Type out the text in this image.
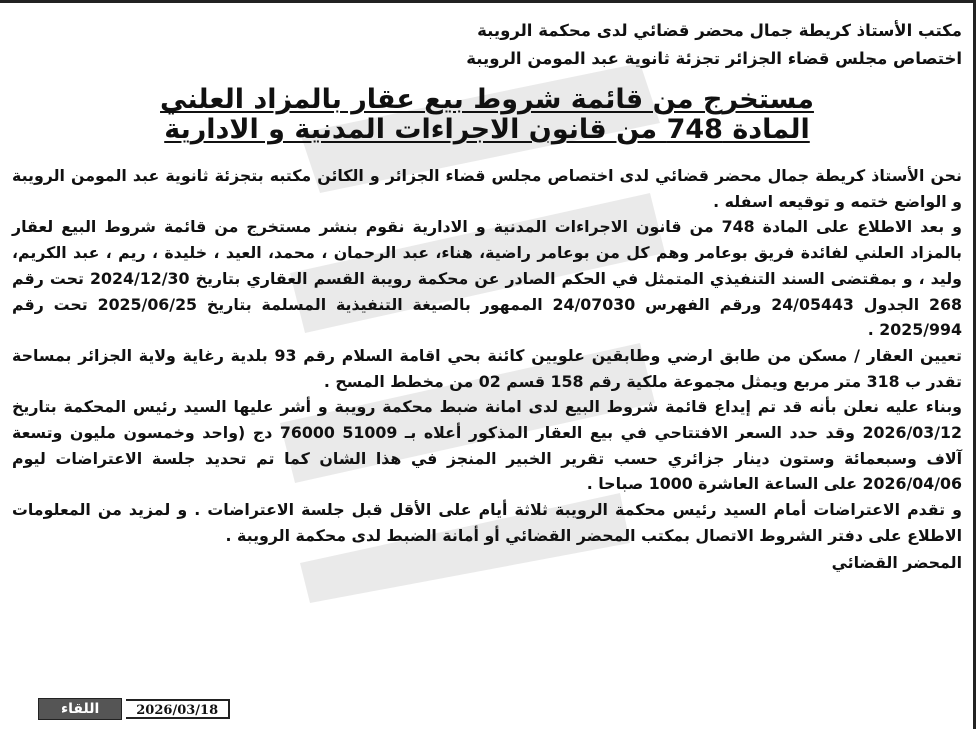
مكتب الأستاذ كريطة جمال محضر قضائي لدى محكمة الرويبة

اختصاص مجلس قضاء الجزائر تجزئة ثانوية عبد المومن الرويبة

مستخرج من قائمة شروط بيع عقار بالمزاد العلني
المادة 748 من قانون الاجراءات المدنية و الادارية

نحن الأستاذ كريطة جمال محضر قضائي لدى اختصاص مجلس قضاء الجزائر و الكائن مكتبه بتجزئة ثانوية عبد المومن الرويبة و الواضع ختمه و توقيعه اسفله .

و بعد الاطلاع على المادة 748 من قانون الاجراءات المدنية و الادارية نقوم بنشر مستخرج من قائمة شروط البيع لعقار بالمزاد العلني لفائدة فريق بوعامر وهم كل من بوعامر راضية، هناء، عبد الرحمان ، محمد، العيد ، خليدة ، ريم ، عبد الكريم، وليد ، و بمقتضى السند التنفيذي المتمثل في الحكم الصادر عن محكمة رويبة القسم العقاري بتاريخ 2024/12/30 تحت رقم 268 الجدول 24/05443 ورقم الفهرس 24/07030 الممهور بالصيغة التنفيذية المسلمة بتاريخ 2025/06/25 تحت رقم 2025/994 .

تعيين العقار / مسكن من طابق ارضي وطابقين علويين كائنة بحي اقامة السلام رقم 93 بلدية رغاية ولاية الجزائر بمساحة تقدر ب 318 متر مربع ويمثل مجموعة ملكية رقم 158 قسم 02 من مخطط المسح .

وبناء عليه نعلن بأنه قد تم إيداع قائمة شروط البيع لدى امانة ضبط محكمة رويبة و أشر عليها السيد رئيس المحكمة بتاريخ 2026/03/12 وقد حدد السعر الافتتاحي في بيع العقار المذكور أعلاه بـ 51009 76000 دج (واحد وخمسون مليون وتسعة آلاف وسبعمائة وستون دينار جزائري حسب تقرير الخبير المنجز في هذا الشان كما تم تحديد جلسة الاعتراضات ليوم 2026/04/06 على الساعة العاشرة 1000 صباحا .

و تقدم الاعتراضات أمام السيد رئيس محكمة الرويبة ثلاثة أيام على الأقل قبل جلسة الاعتراضات . و لمزيد من المعلومات الاطلاع على دفتر الشروط الاتصال بمكتب المحضر القضائي أو أمانة الضبط لدى محكمة الرويبة .

المحضر القضائي
اللقاء	2026/03/18
